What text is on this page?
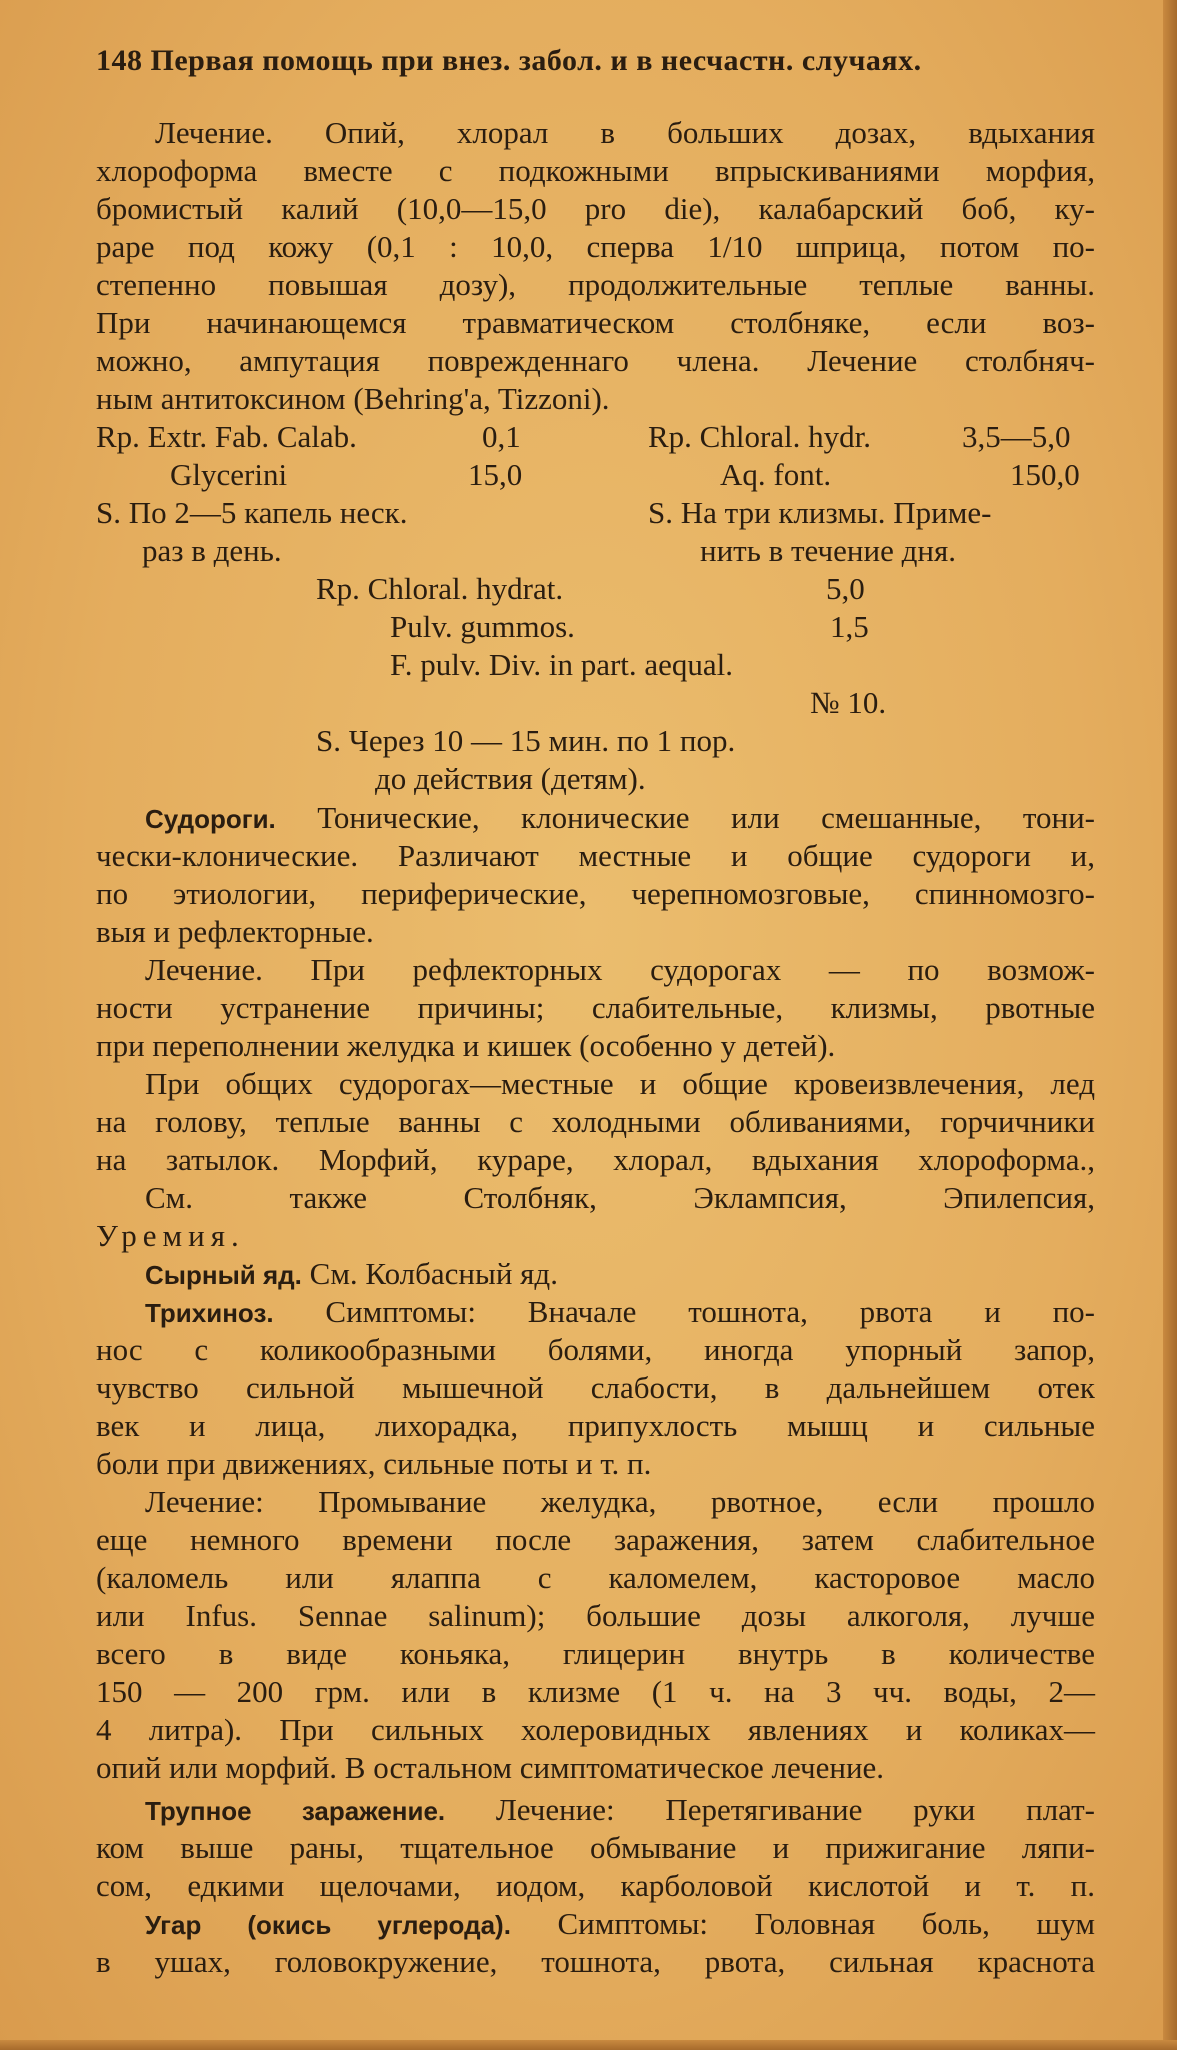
148 Первая помощь при внез. забол. и в несчастн. случаях.
Лечение. Опий, хлорал в больших дозах, вдыхания
хлороформа вместе с подкожными впрыскиваниями морфия,
бромистый калий (10,0—15,0 pro die), калабарский боб, ку-
раре под кожу (0,1 : 10,0, сперва 1/10 шприца, потом по-
степенно повышая дозу), продолжительные теплые ванны.
При начинающемся травматическом столбняке, если воз-
можно, ампутация поврежденнаго члена. Лечение столбняч-
ным антитоксином (Behring'a, Tizzoni).
Rp. Extr. Fab. Calab.	0,1
Glycerini	15,0
S. По 2—5 капель неск.
раз в день.
Rp. Chloral. hydr.	3,5—5,0
Aq. font.	150,0
S. На три клизмы. Приме-
нить в течение дня.
Rp. Chloral. hydrat.	5,0
Pulv. gummos.	1,5
F. pulv. Div. in part. aequal.
№ 10.
S. Через 10 — 15 мин. по 1 пор.
до действия (детям).
Судороги. Тонические, клонические или смешанные, тони-
чески-клонические. Различают местные и общие судороги и,
по этиологии, периферические, черепномозговые, спинномозго-
выя и рефлекторные.
Лечение. При рефлекторных судорогах — по возмож-
ности устранение причины; слабительные, клизмы, рвотные
при переполнении желудка и кишек (особенно у детей).
При общих судорогах—местные и общие кровеизвлечения, лед
на голову, теплые ванны с холодными обливаниями, горчичники
на затылок. Морфий, кураре, хлорал, вдыхания хлороформа.,
См. также Столбняк, Эклампсия, Эпилепсия,
Уремия.
Сырный яд. См. Колбасный яд.
Трихиноз. Симптомы: Вначале тошнота, рвота и по-
нос с коликообразными болями, иногда упорный запор,
чувство сильной мышечной слабости, в дальнейшем отек
век и лица, лихорадка, припухлость мышц и сильные
боли при движениях, сильные поты и т. п.
Лечение: Промывание желудка, рвотное, если прошло
еще немного времени после заражения, затем слабительное
(каломель или ялаппа с каломелем, касторовое масло
или Infus. Sennae salinum); большие дозы алкоголя, лучше
всего в виде коньяка, глицерин внутрь в количестве
150 — 200 грм. или в клизме (1 ч. на 3 чч. воды, 2—
4 литра). При сильных холеровидных явлениях и коликах—
опий или морфий. В остальном симптоматическое лечение.
Трупное заражение. Лечение: Перетягивание руки плат-
ком выше раны, тщательное обмывание и прижигание ляпи-
сом, едкими щелочами, иодом, карболовой кислотой и т. п.
Угар (окись углерода). Симптомы: Головная боль, шум
в ушах, головокружение, тошнота, рвота, сильная краснота
